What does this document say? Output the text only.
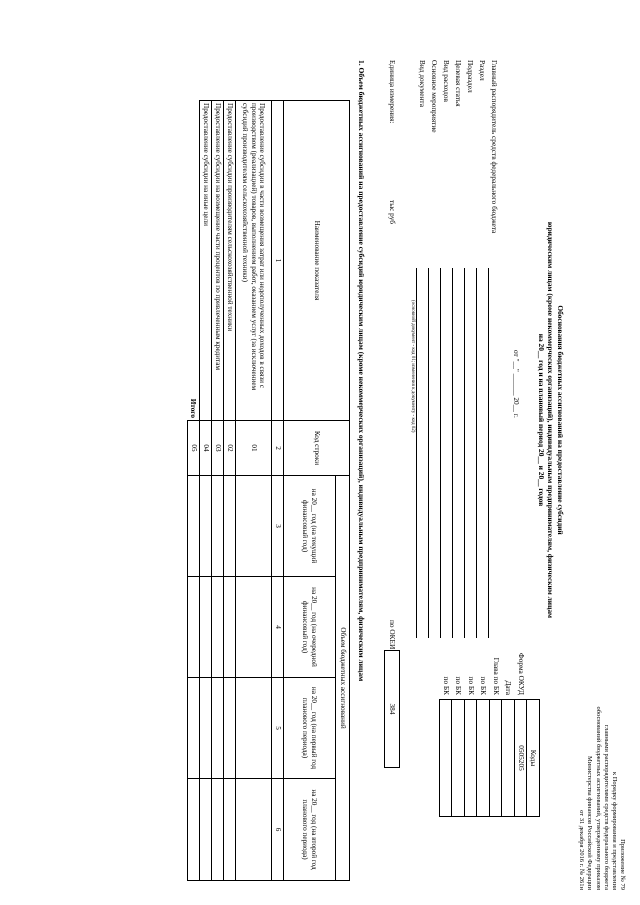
Приложение № 79
к Порядку формирования и представления
главными распорядителями средств федерального бюджета
обоснований бюджетных ассигнований, утвержденному приказом
Министерства финансов Российской Федерации
от 31 декабря 2016 г. № 261н
Обоснования бюджетных ассигнований на предоставление субсидий
юридическим лицам (кроме некоммерческих организаций), индивидуальным предпринимателям, физическим лицам
на 20__ год и на плановый период 20__ и 20__ годов
от "__" ______ 20__ г.
	Коды
Форма ОКУД	0505205
Дата	
Глава по БК	
по БК	
по БК	
по БК	
по БК	
Главный распорядитель средств федерального бюджета
Раздел
Подраздел
Целевая статья
Вид расходов
Основное мероприятие
Вид документа
(основной документ - код 01; изменения к документу - код 02)
Единица измерения:
тыс руб
по ОКЕИ
384
1. Объем бюджетных ассигнований на предоставление субсидий юридическим лицам (кроме некоммерческих организаций), индивидуальным предпринимателям, физическим лицам
Наименование показателя	Код строки	Объем бюджетных ассигнований			
		на 20__ год (на текущий финансовый год)	на 20__ год (на очередной финансовый год)	на 20__ год (на первый год планового периода)	на 20__ год (на второй год планового периода)
1	2	3	4	5	6
Предоставление субсидии в части возмещения затрат или недополученных доходов в связи с производством (реализацией) товаров, выполнением работ, оказанием услуг (за исключением субсидий производителям сельскохозяйственной техники)	01				
Предоставление субсидии производителям сельскохозяйственной техники	02				
Предоставление субсидии на возмещение части процентов по привлеченным кредитам	03				
Предоставление субсидии на иные цели	04				
Итого	05				
